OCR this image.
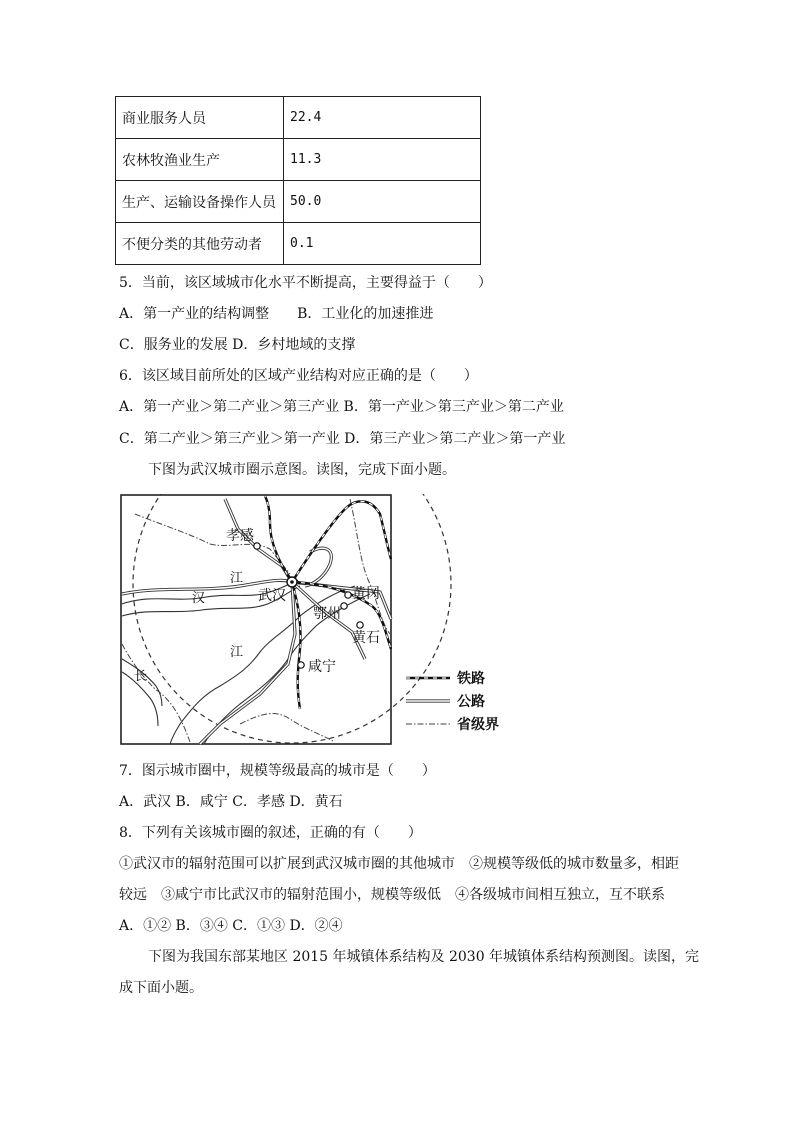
商业服务人员	22.4
农林牧渔业生产	11.3
生产、运输设备操作人员	50.0
不便分类的其他劳动者	0.1
5．当前，该区域城市化水平不断提高，主要得益于（　　）
A．第一产业的结构调整　　B．工业化的加速推进
C．服务业的发展 D．乡村地域的支撑
6．该区域目前所处的区域产业结构对应正确的是（　　）
A．第一产业＞第二产业＞第三产业 B．第一产业＞第三产业＞第二产业
C．第二产业＞第三产业＞第一产业 D．第三产业＞第二产业＞第一产业
下图为武汉城市圈示意图。读图，完成下面小题。
孝感
武汉	黄冈
鄂州
黄石
咸宁
汉
江
长
江
铁路
公路
省级界
7．图示城市圈中，规模等级最高的城市是（　　）
A．武汉 B．咸宁 C．孝感 D．黄石
8．下列有关该城市圈的叙述，正确的有（　　）
①武汉市的辐射范围可以扩展到武汉城市圈的其他城市　②规模等级低的城市数量多，相距
较远　③咸宁市比武汉市的辐射范围小，规模等级低　④各级城市间相互独立，互不联系
A．①② B．③④ C．①③ D．②④
下图为我国东部某地区 2015 年城镇体系结构及 2030 年城镇体系结构预测图。读图，完
成下面小题。
